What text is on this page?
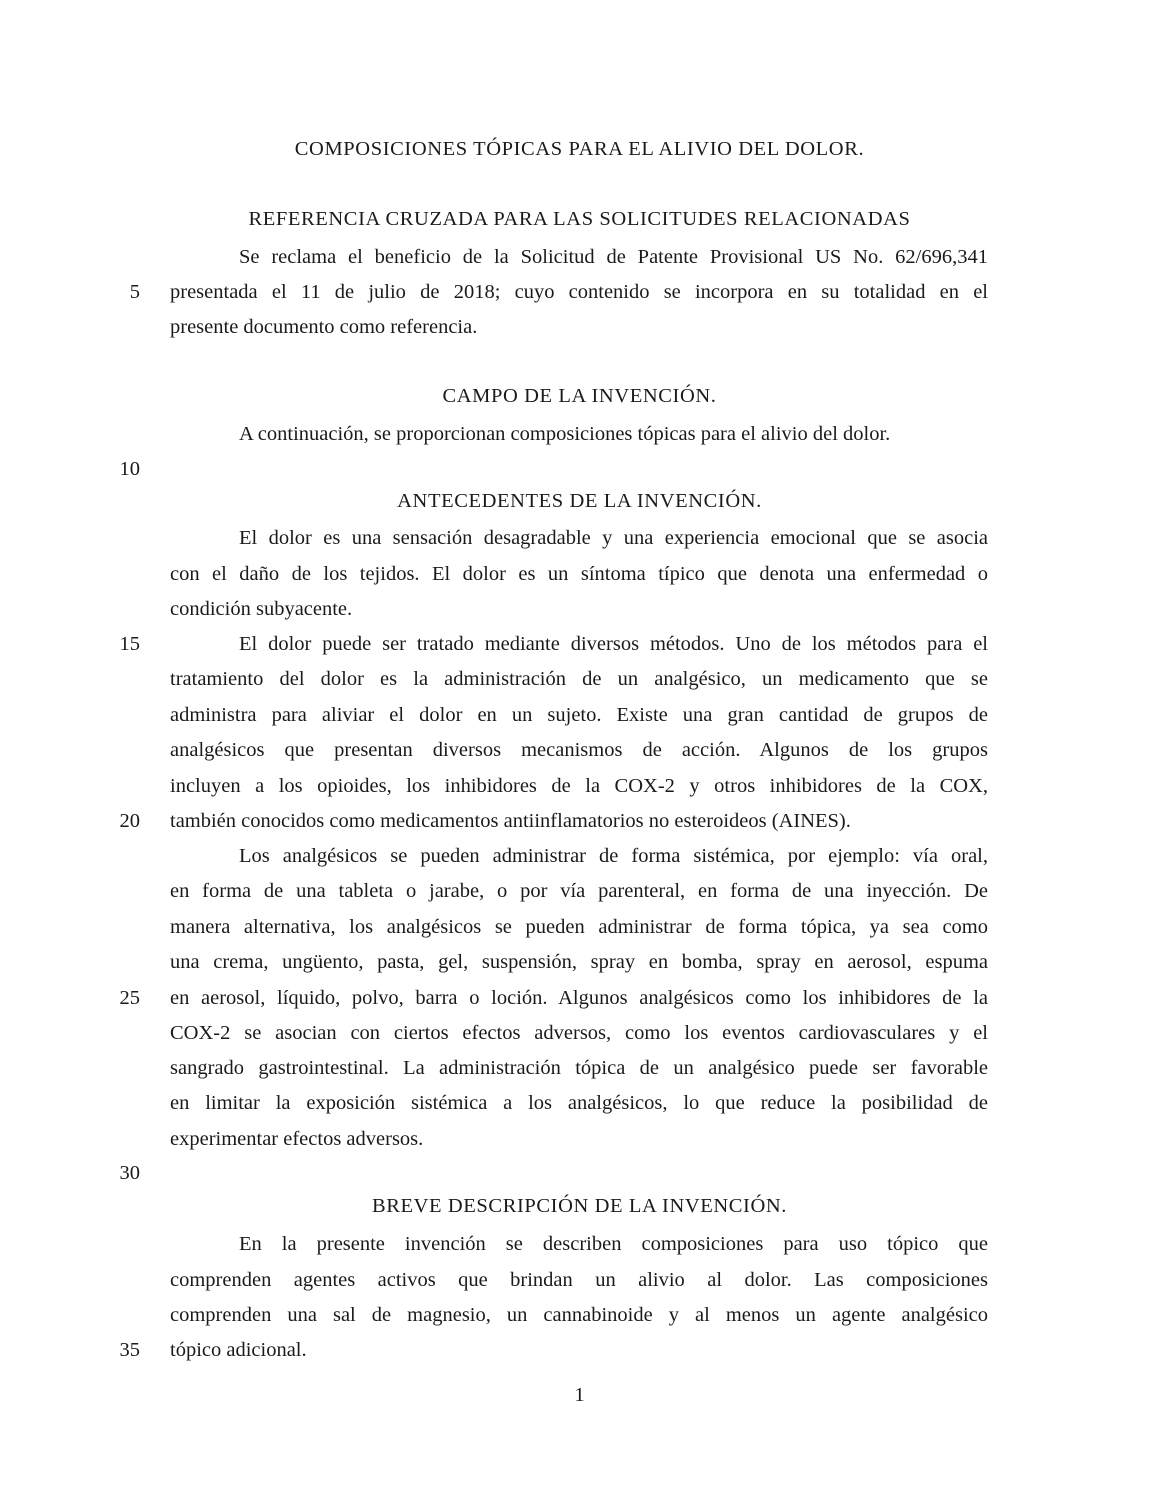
COMPOSICIONES TÓPICAS PARA EL ALIVIO DEL DOLOR.
REFERENCIA CRUZADA PARA LAS SOLICITUDES RELACIONADAS
Se reclama el beneficio de la Solicitud de Patente Provisional US No. 62/696,341
presentada el 11 de julio de 2018; cuyo contenido se incorpora en su totalidad en el
presente documento como referencia.
CAMPO DE LA INVENCIÓN.
A continuación, se proporcionan composiciones tópicas para el alivio del dolor.
ANTECEDENTES DE LA INVENCIÓN.
El dolor es una sensación desagradable y una experiencia emocional que se asocia
con el daño de los tejidos. El dolor es un síntoma típico que denota una enfermedad o
condición subyacente.
El dolor puede ser tratado mediante diversos métodos. Uno de los métodos para el
tratamiento del dolor es la administración de un analgésico, un medicamento que se
administra para aliviar el dolor en un sujeto. Existe una gran cantidad de grupos de
analgésicos que presentan diversos mecanismos de acción. Algunos de los grupos
incluyen a los opioides, los inhibidores de la COX-2 y otros inhibidores de la COX,
también conocidos como medicamentos antiinflamatorios no esteroideos (AINES).
Los analgésicos se pueden administrar de forma sistémica, por ejemplo: vía oral,
en forma de una tableta o jarabe, o por vía parenteral, en forma de una inyección. De
manera alternativa, los analgésicos se pueden administrar de forma tópica, ya sea como
una crema, ungüento, pasta, gel, suspensión, spray en bomba, spray en aerosol, espuma
en aerosol, líquido, polvo, barra o loción. Algunos analgésicos como los inhibidores de la
COX-2 se asocian con ciertos efectos adversos, como los eventos cardiovasculares y el
sangrado gastrointestinal. La administración tópica de un analgésico puede ser favorable
en limitar la exposición sistémica a los analgésicos, lo que reduce la posibilidad de
experimentar efectos adversos.
BREVE DESCRIPCIÓN DE LA INVENCIÓN.
En la presente invención se describen composiciones para uso tópico que
comprenden agentes activos que brindan un alivio al dolor. Las composiciones
comprenden una sal de magnesio, un cannabinoide y al menos un agente analgésico
tópico adicional.
5
10
15
20
25
30
35
1
